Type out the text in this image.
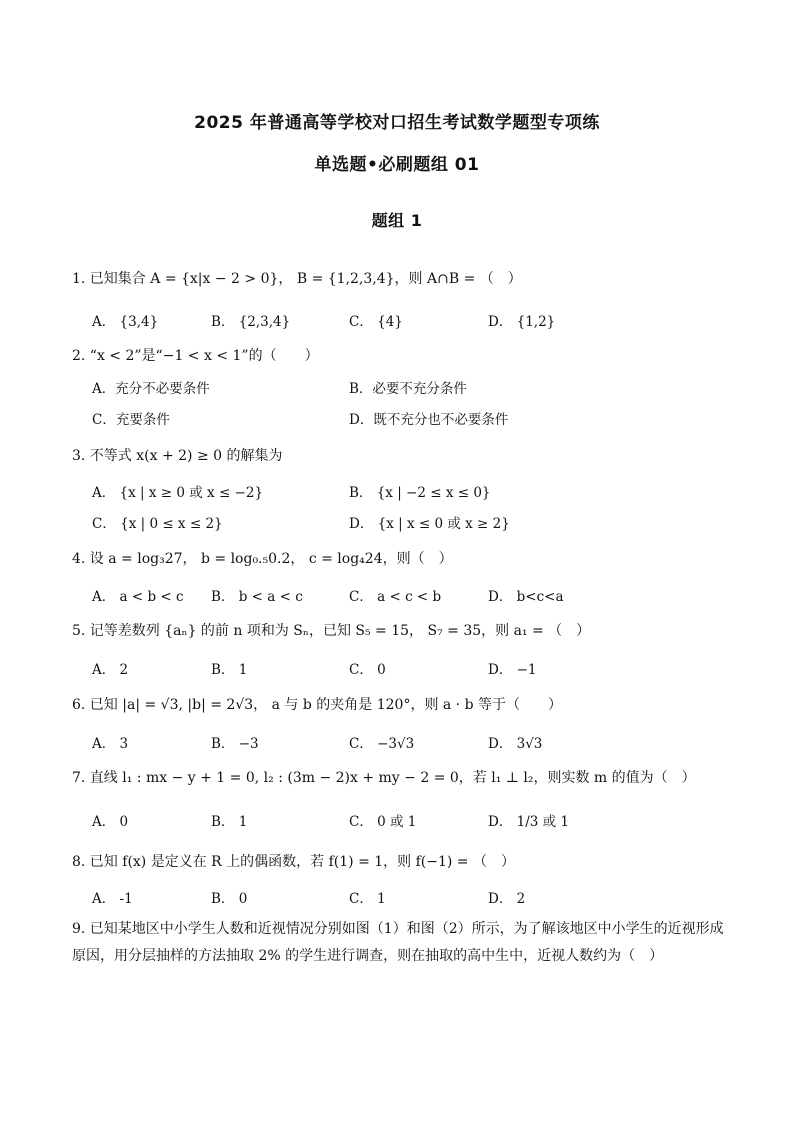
2025 年普通高等学校对口招生考试数学题型专项练
单选题•必刷题组 01
题组 1
1. 已知集合 A = {x|x − 2 > 0}， B = {1,2,3,4}，则 A∩B = （　）
A． {3,4}	B． {2,3,4}	C． {4}	D． {1,2}
2. “x < 2”是“−1 < x < 1”的（　　）
A．充分不必要条件	B．必要不充分条件
C．充要条件	D．既不充分也不必要条件
3. 不等式 x(x + 2) ≥ 0 的解集为
A． {x | x ≥ 0 或 x ≤ −2}	B． {x | −2 ≤ x ≤ 0}
C． {x | 0 ≤ x ≤ 2}	D． {x | x ≤ 0 或 x ≥ 2}
4. 设 a = log₃27， b = log₀.₅0.2， c = log₄24，则（　）
A． a < b < c B． b < a < c	C． a < c < b	D． b<c<a
5. 记等差数列 {aₙ} 的前 n 项和为 Sₙ，已知 S₅ = 15， S₇ = 35，则 a₁ = （　）
A． 2	B． 1	C． 0	D． −1
6. 已知 |a| = √3, |b| = 2√3， a 与 b 的夹角是 120°，则 a · b 等于（　　）
A． 3	B． −3	C． −3√3	D． 3√3
7. 直线 l₁ : mx − y + 1 = 0, l₂ : (3m − 2)x + my − 2 = 0，若 l₁ ⊥ l₂，则实数 m 的值为（　）
A． 0	B． 1	C． 0 或 1	D． 1/3 或 1
8. 已知 f(x) 是定义在 R 上的偶函数，若 f(1) = 1，则 f(−1) = （　）
A． -1	B． 0	C． 1	D． 2
9. 已知某地区中小学生人数和近视情况分别如图（1）和图（2）所示，为了解该地区中小学生的近视形成原因，用分层抽样的方法抽取 2% 的学生进行调查，则在抽取的高中生中，近视人数约为（　）
